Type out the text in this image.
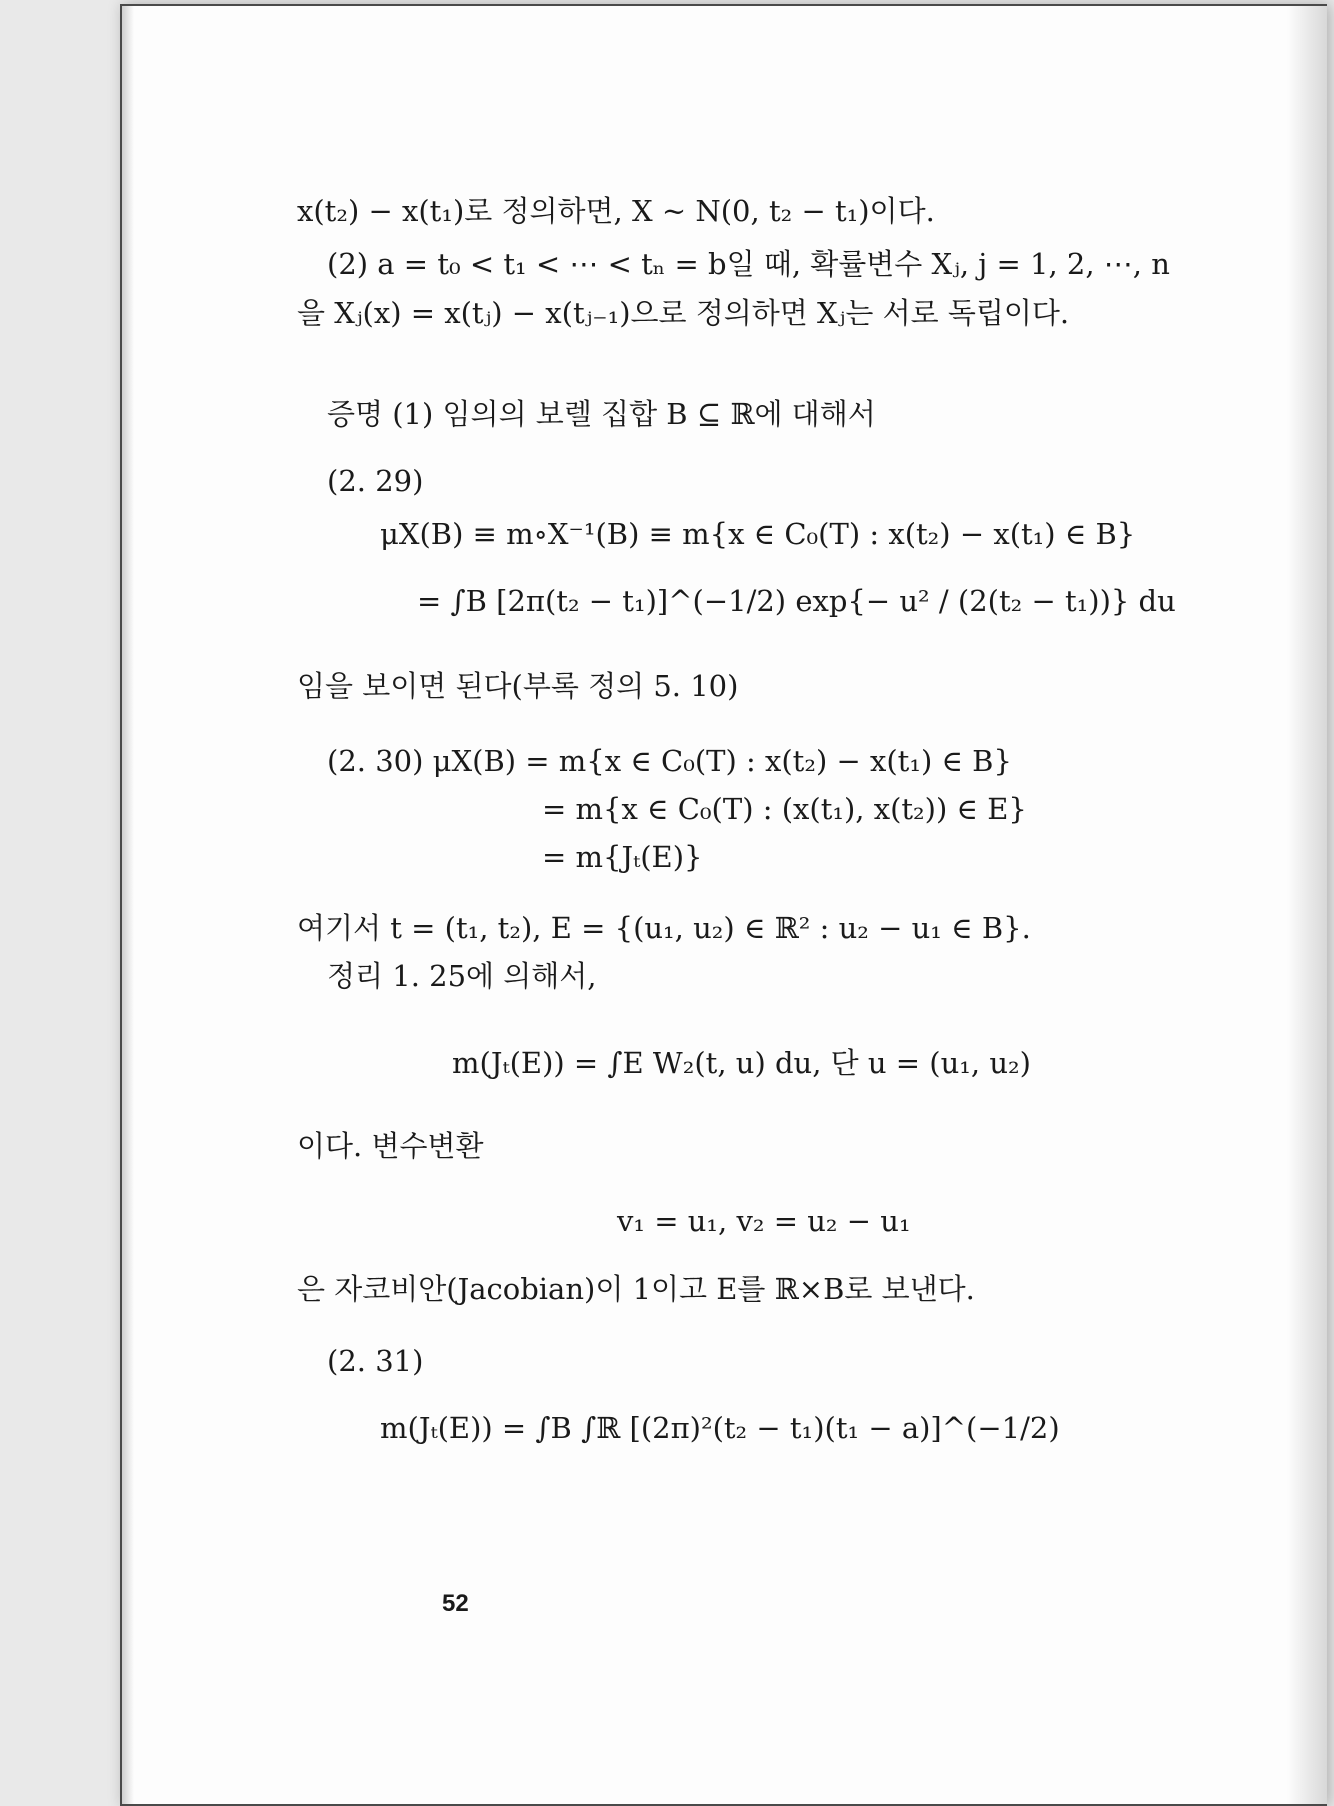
x(t₂) − x(t₁)로 정의하면, X ~ N(0, t₂ − t₁)이다.
(2) a = t₀ < t₁ < ⋯ < tₙ = b일 때, 확률변수 Xⱼ, j = 1, 2, ⋯, n
을 Xⱼ(x) = x(tⱼ) − x(tⱼ₋₁)으로 정의하면 Xⱼ는 서로 독립이다.
증명 (1) 임의의 보렐 집합 B ⊆ ℝ에 대해서
(2. 29)
μX(B) ≡ m∘X⁻¹(B) ≡ m{x ∈ C₀(T) : x(t₂) − x(t₁) ∈ B}
= ∫B [2π(t₂ − t₁)]^(−1/2) exp{− u² / (2(t₂ − t₁))} du
임을 보이면 된다(부록 정의 5. 10)
(2. 30) μX(B) = m{x ∈ C₀(T) : x(t₂) − x(t₁) ∈ B}
= m{x ∈ C₀(T) : (x(t₁), x(t₂)) ∈ E}
= m{Jₜ(E)}
여기서 t = (t₁, t₂), E = {(u₁, u₂) ∈ ℝ² : u₂ − u₁ ∈ B}.
정리 1. 25에 의해서,
m(Jₜ(E)) = ∫E W₂(t, u) du, 단 u = (u₁, u₂)
이다. 변수변환
v₁ = u₁, v₂ = u₂ − u₁
은 자코비안(Jacobian)이 1이고 E를 ℝ×B로 보낸다.
(2. 31)
m(Jₜ(E)) = ∫B ∫ℝ [(2π)²(t₂ − t₁)(t₁ − a)]^(−1/2)
52
